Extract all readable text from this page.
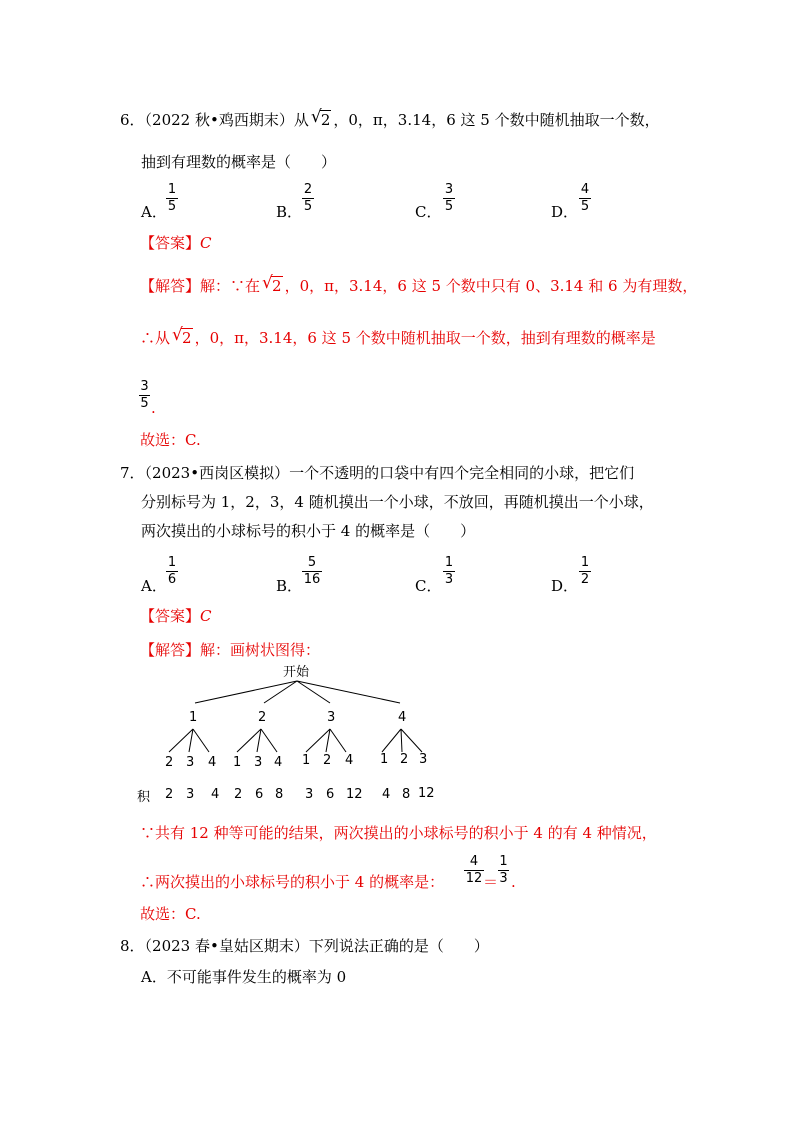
6．（2022 秋•鸡西期末）从 √ 2 ，0，π，3.14，6 这 5 个数中随机抽取一个数，
抽到有理数的概率是（　　）
A．
1
5	B．
2
5	C．
3
5	D．
4
5
【答案】C
【解答】解：∵在 √ 2 ，0，π，3.14，6 这 5 个数中只有 0、3.14 和 6 为有理数，
∴从 √ 2 ，0，π，3.14，6 这 5 个数中随机抽取一个数，抽到有理数的概率是
3
5 .
故选：C.
7．（2023•西岗区模拟）一个不透明的口袋中有四个完全相同的小球，把它们
分别标号为 1，2，3，4 随机摸出一个小球，不放回，再随机摸出一个小球，
两次摸出的小球标号的积小于 4 的概率是（　　）
A．
1
6	B．
5
16	C．
1
3	D．
1
2
【答案】C
【解答】解：画树状图得：
开始
1	2	3	4
2 3 4 1 3 4 1 2 4 1 2 3
积 2 3 4 2 6 8 3 6 12 4 8 12
∵共有 12 种等可能的结果，两次摸出的小球标号的积小于 4 的有 4 种情况，
∴两次摸出的小球标号的积小于 4 的概率是：
4
12 ＝
1
3 .
故选：C.
8．（2023 春•皇姑区期末）下列说法正确的是（　　）
A．不可能事件发生的概率为 0
